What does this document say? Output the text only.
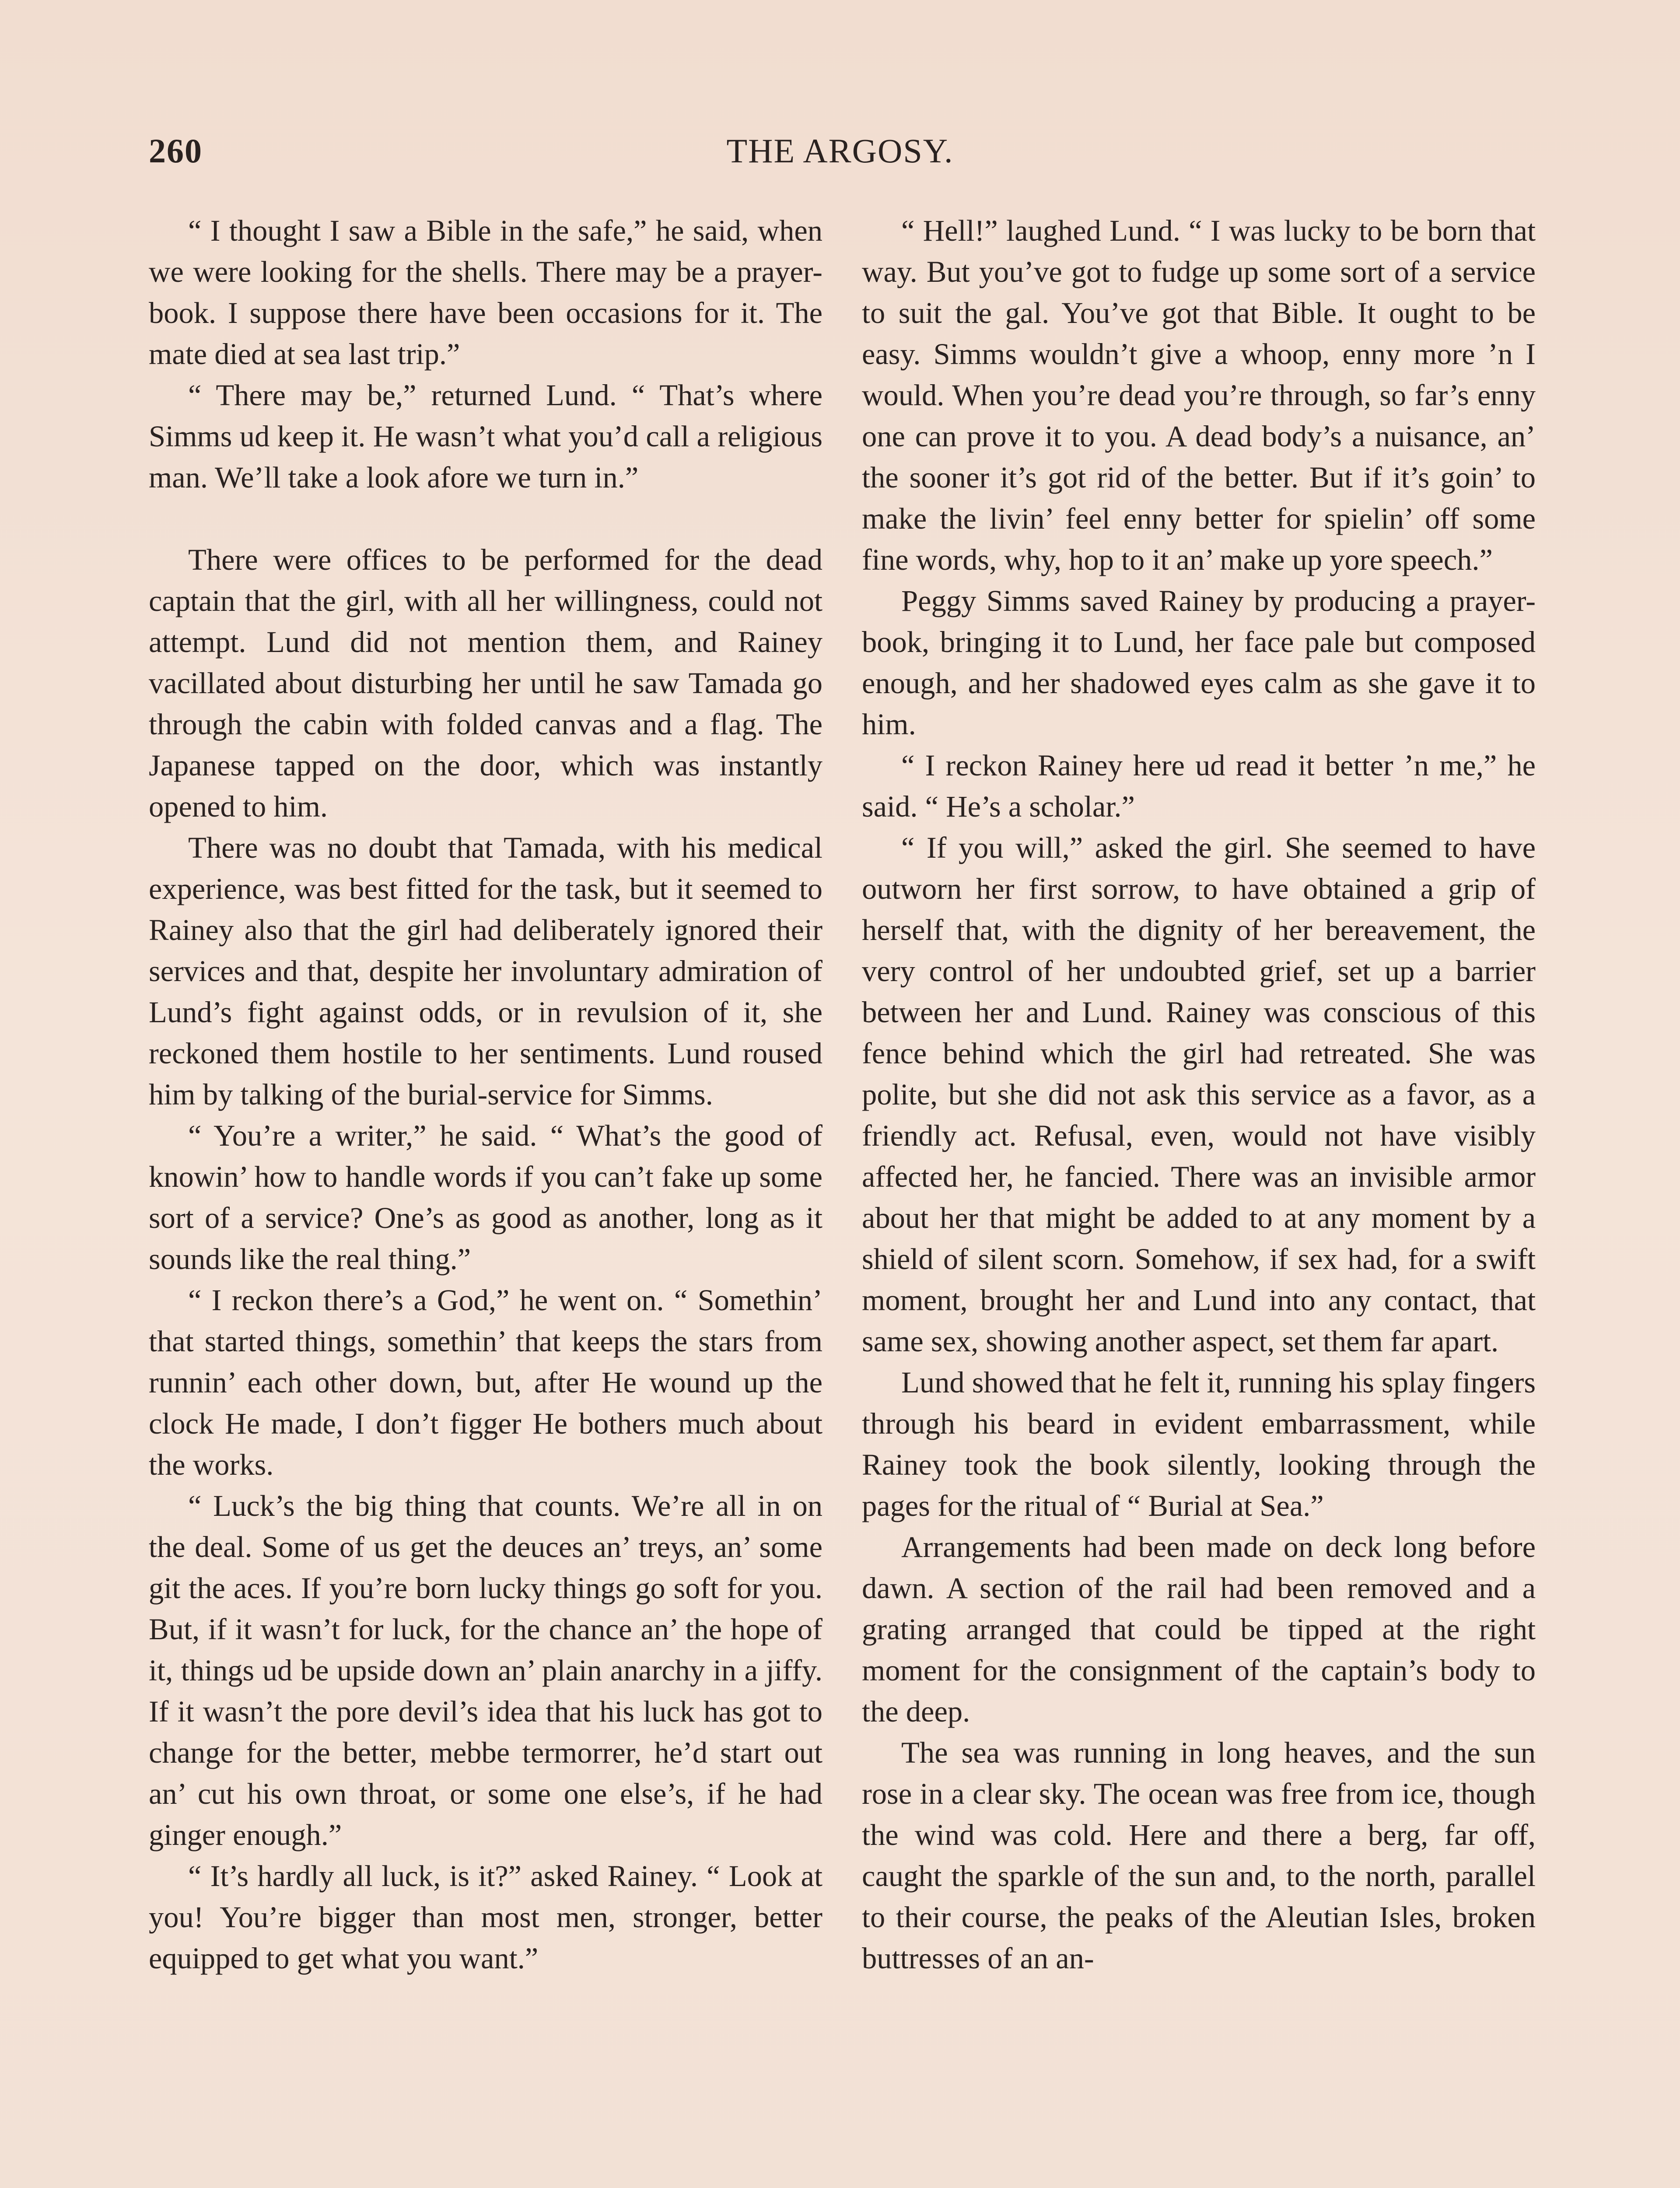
260	THE ARGOSY.

“ I thought I saw a Bible in the safe,” he said, when we were looking for the shells. There may be a prayer-book. I suppose there have been occasions for it. The mate died at sea last trip.”

“ There may be,” returned Lund. “ That’s where Simms ud keep it. He wasn’t what you’d call a religious man. We’ll take a look afore we turn in.”

There were offices to be performed for the dead captain that the girl, with all her willingness, could not attempt. Lund did not mention them, and Rainey vacillated about disturbing her until he saw Tamada go through the cabin with folded canvas and a flag. The Japanese tapped on the door, which was instantly opened to him.

There was no doubt that Tamada, with his medical experience, was best fitted for the task, but it seemed to Rainey also that the girl had deliberately ignored their services and that, despite her involuntary admiration of Lund’s fight against odds, or in revulsion of it, she reckoned them hostile to her sentiments. Lund roused him by talking of the burial-service for Simms.

“ You’re a writer,” he said. “ What’s the good of knowin’ how to handle words if you can’t fake up some sort of a service? One’s as good as another, long as it sounds like the real thing.”

“ I reckon there’s a God,” he went on. “ Somethin’ that started things, somethin’ that keeps the stars from runnin’ each other down, but, after He wound up the clock He made, I don’t figger He bothers much about the works.

“ Luck’s the big thing that counts. We’re all in on the deal. Some of us get the deuces an’ treys, an’ some git the aces. If you’re born lucky things go soft for you. But, if it wasn’t for luck, for the chance an’ the hope of it, things ud be upside down an’ plain anarchy in a jiffy. If it wasn’t the pore devil’s idea that his luck has got to change for the better, mebbe termorrer, he’d start out an’ cut his own throat, or some one else’s, if he had ginger enough.”

“ It’s hardly all luck, is it?” asked Rainey. “ Look at you! You’re bigger than most men, stronger, better equipped to get what you want.”

“ Hell!” laughed Lund. “ I was lucky to be born that way. But you’ve got to fudge up some sort of a service to suit the gal. You’ve got that Bible. It ought to be easy. Simms wouldn’t give a whoop, enny more ’n I would. When you’re dead you’re through, so far’s enny one can prove it to you. A dead body’s a nuisance, an’ the sooner it’s got rid of the better. But if it’s goin’ to make the livin’ feel enny better for spielin’ off some fine words, why, hop to it an’ make up yore speech.”

Peggy Simms saved Rainey by producing a prayer-book, bringing it to Lund, her face pale but composed enough, and her shadowed eyes calm as she gave it to him.

“ I reckon Rainey here ud read it better ’n me,” he said. “ He’s a scholar.”

“ If you will,” asked the girl. She seemed to have outworn her first sorrow, to have obtained a grip of herself that, with the dignity of her bereavement, the very control of her undoubted grief, set up a barrier between her and Lund. Rainey was conscious of this fence behind which the girl had retreated. She was polite, but she did not ask this service as a favor, as a friendly act. Refusal, even, would not have visibly affected her, he fancied. There was an invisible armor about her that might be added to at any moment by a shield of silent scorn. Somehow, if sex had, for a swift moment, brought her and Lund into any contact, that same sex, showing another aspect, set them far apart.

Lund showed that he felt it, running his splay fingers through his beard in evident embarrassment, while Rainey took the book silently, looking through the pages for the ritual of “ Burial at Sea.”

Arrangements had been made on deck long before dawn. A section of the rail had been removed and a grating arranged that could be tipped at the right moment for the consignment of the captain’s body to the deep.

The sea was running in long heaves, and the sun rose in a clear sky. The ocean was free from ice, though the wind was cold. Here and there a berg, far off, caught the sparkle of the sun and, to the north, parallel to their course, the peaks of the Aleutian Isles, broken buttresses of an an-
